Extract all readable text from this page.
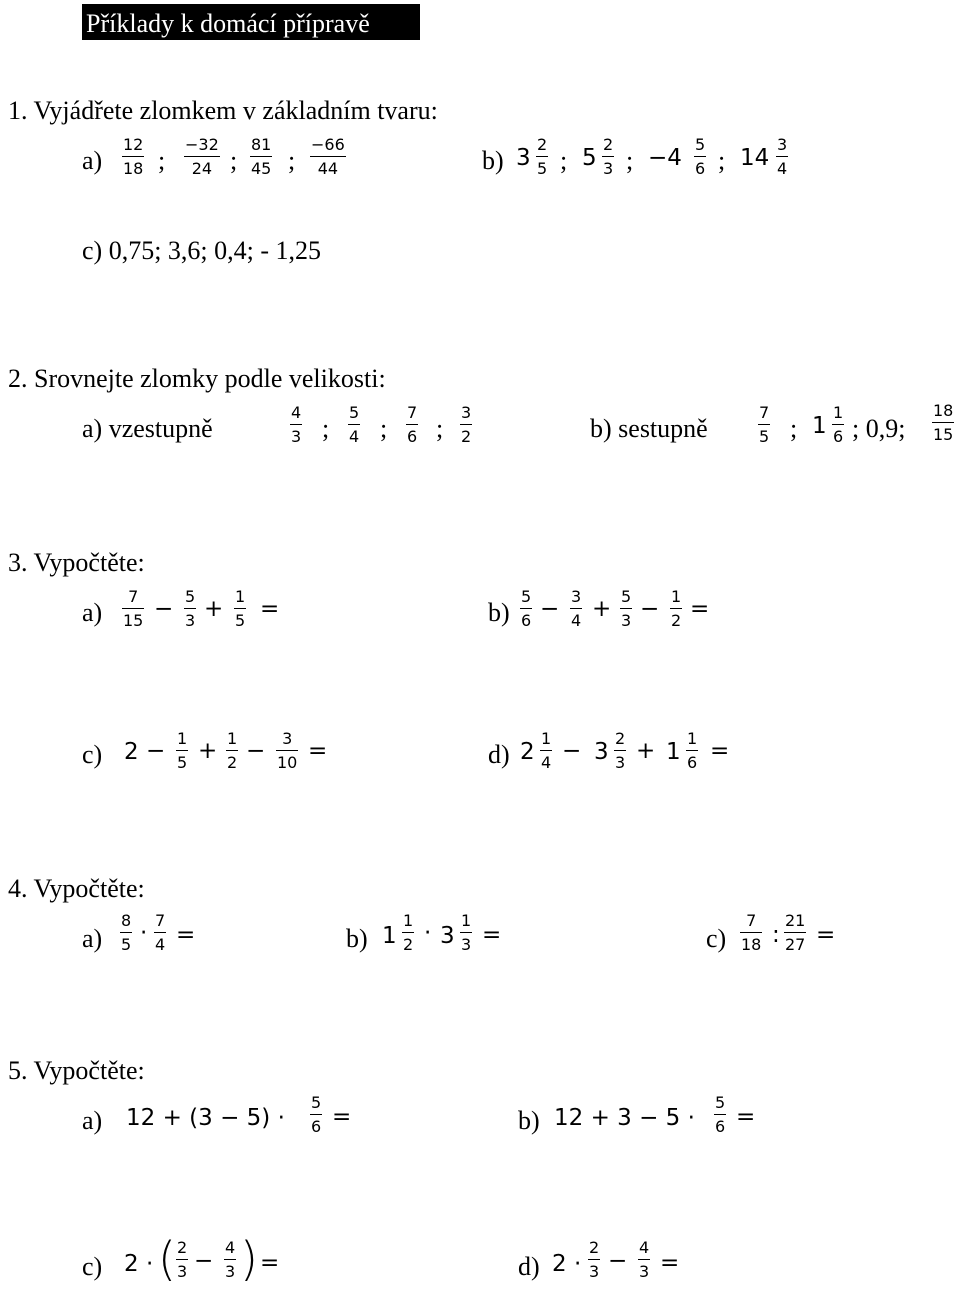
Příklady k domácí přípravě
1. Vyjádřete zlomkem v základním tvaru:
a)
12
18 ;
−32
24 ;
81
45 ;
−66
44	b) 3
2
5 ; 5
2
3 ; −4
5
6 ; 14
3
4
c) 0,75; 3,6; 0,4; - 1,25
2. Srovnejte zlomky podle velikosti:
a) vzestupně
4
3 ;
5
4 ;
7
6 ;
3
2	b) sestupně
7
5 ; 1
1
6 ; 0,9;
18
15
3. Vypočtěte:
a)
7
15 − 5
3 + 1
5 =	b)
5
6 − 3
4 + 5
3 − 1
2 =
c) 2 − 1
5 + 1
2 − 3
10 =	d) 2
1
4 − 3
2
3 + 1
1
6 =
4. Vypočtěte:
a)
8
5 · 7
4 =	b) 1
1
2 · 3
1
3 =	c)
7
18 :
21
27 =
5. Vypočtěte:
a) 12 + (3 − 5) ·
5
6 =	b) 12 + 3 − 5 ·
5
6 =
c) 2 · ( 2
3 −
4
3 ) =	d) 2 ·
2
3 −
4
3 =
